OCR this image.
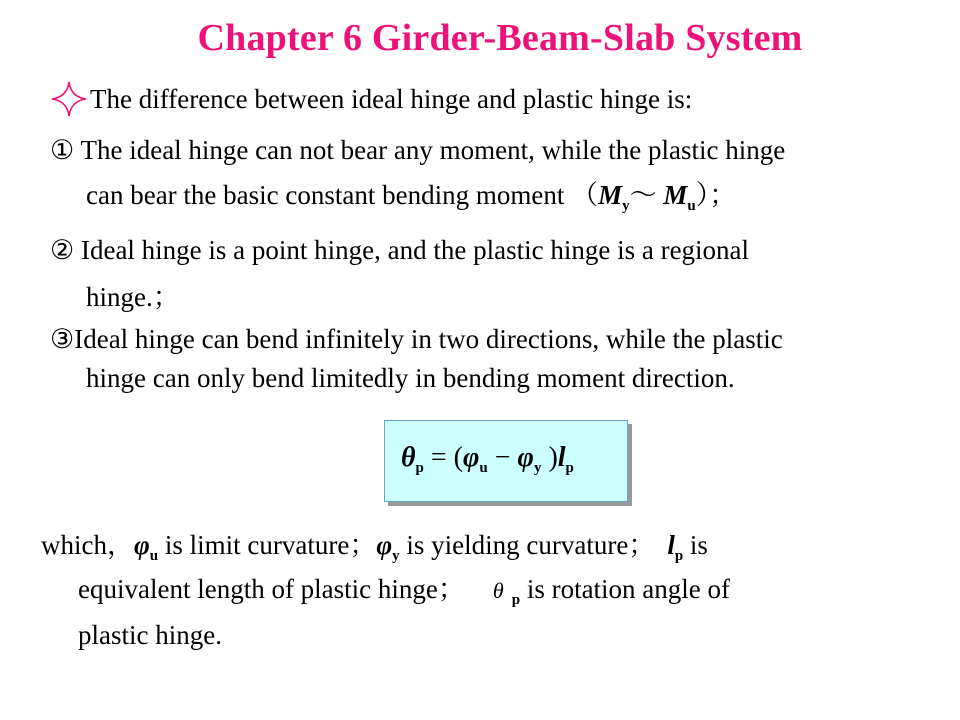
Chapter 6 Girder-Beam-Slab System
The difference between ideal hinge and plastic hinge is:
① The ideal hinge can not bear any moment, while the plastic hinge
can bear the basic constant bending moment （$M_y\sim$ $M_u$）；
② Ideal hinge is a point hinge, and the plastic hinge is a regional
hinge.；
③Ideal hinge can bend infinitely in two directions, while the plastic
hinge can only bend limitedly in bending moment direction.
$\theta_p = (\varphi_u - \varphi_y$ )$l_p$
which，$\varphi_u$ is limit curvature；$\varphi_y$ is yielding curvature； $l_p$ is
equivalent length of plastic hinge； θ $_p$ is rotation angle of
plastic hinge.
